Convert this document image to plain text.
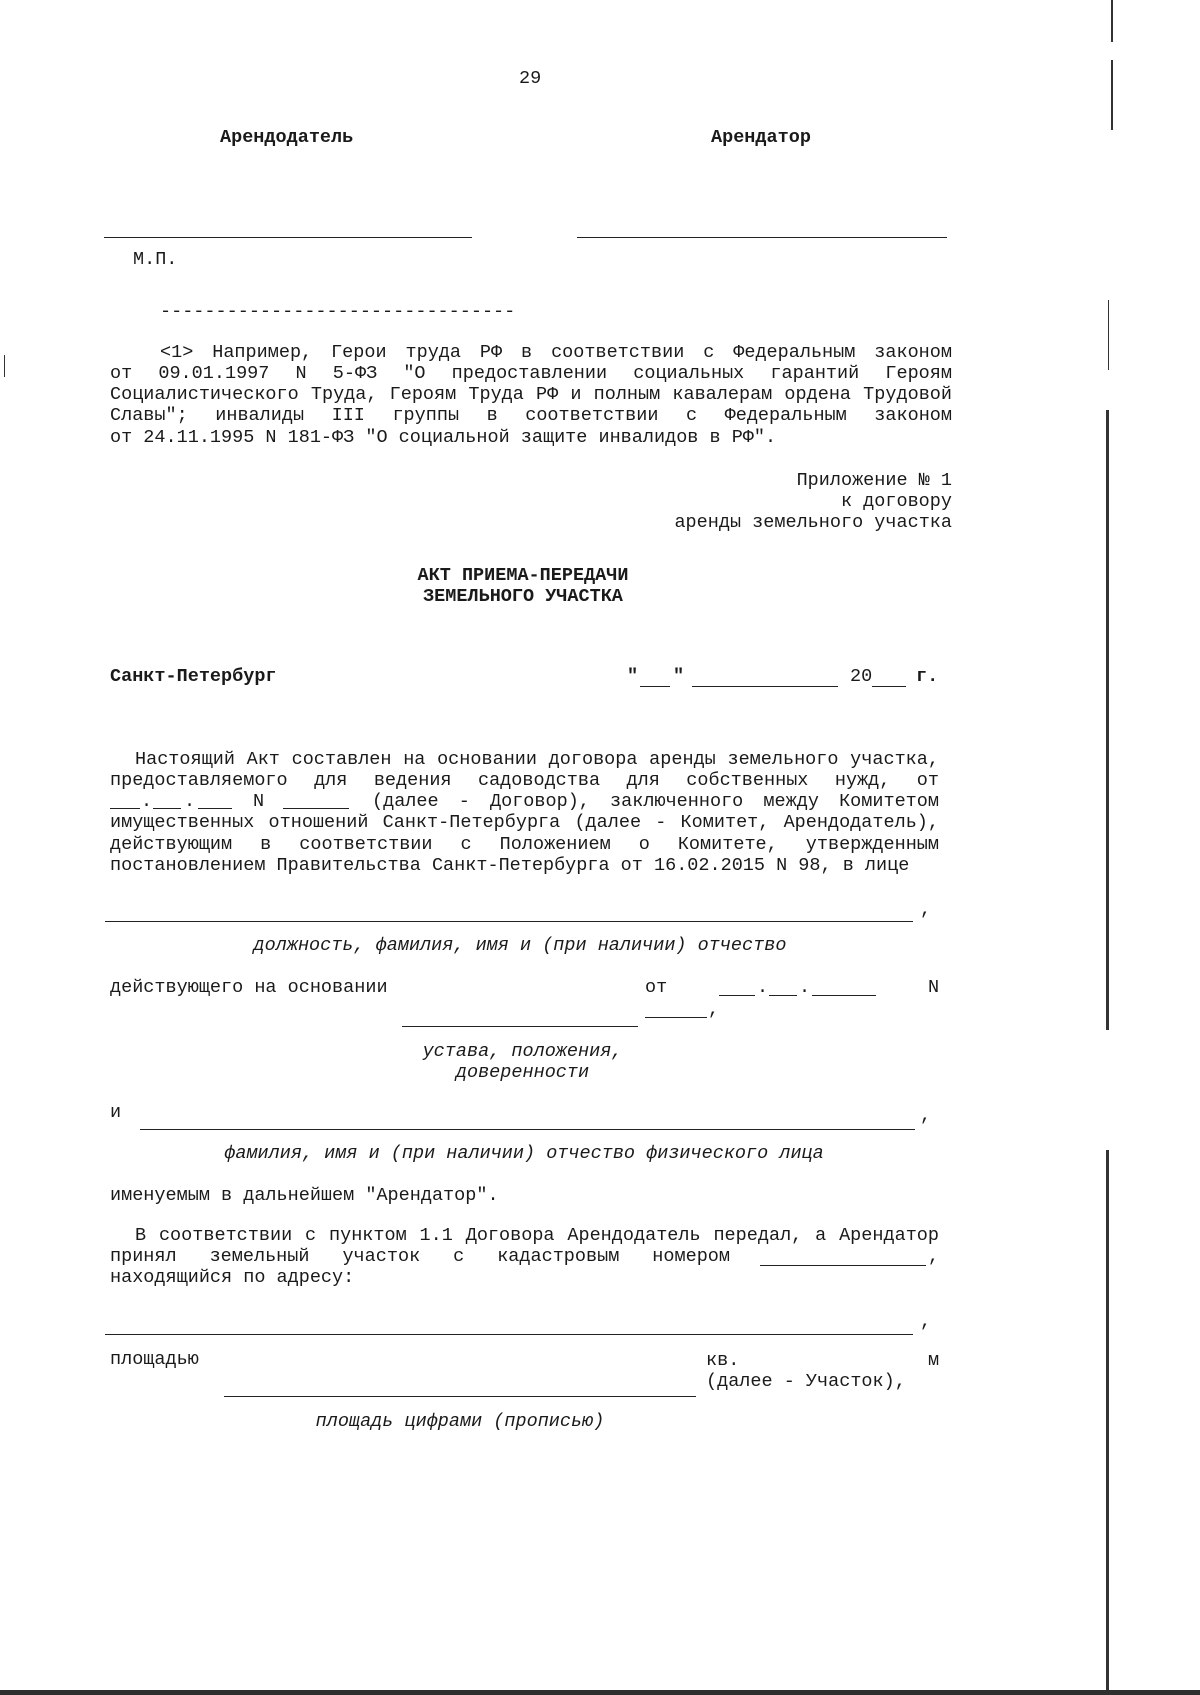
29
Арендодатель	Арендатор
М.П.
--------------------------------
<1> Например, Герои труда РФ в соответствии с Федеральным законом
от 09.01.1997 N 5-ФЗ "О предоставлении социальных гарантий Героям
Социалистического Труда, Героям Труда РФ и полным кавалерам ордена Трудовой
Славы"; инвалиды III группы в соответствии с Федеральным законом
от 24.11.1995 N 181-ФЗ "О социальной защите инвалидов в РФ".
Приложение № 1
к договору
аренды земельного участка
АКТ ПРИЕМА-ПЕРЕДАЧИ
ЗЕМЕЛЬНОГО УЧАСТКА
Санкт-Петербург	" "	20 г.
Настоящий Акт составлен на основании договора аренды земельного участка,
предоставляемого для ведения садоводства для собственных нужд, от
. .	N	(далее - Договор), заключенного между Комитетом
имущественных отношений Санкт-Петербурга (далее - Комитет, Арендодатель),
действующим в соответствии с Положением о Комитете, утвержденным
постановлением Правительства Санкт-Петербурга от 16.02.2015 N 98, в лице
,
должность, фамилия, имя и (при наличии) отчество
действующего на основании	от	. .	N
,
устава, положения,
доверенности
и	,
фамилия, имя и (при наличии) отчество физического лица
именуемым в дальнейшем "Арендатор".
В соответствии с пунктом 1.1 Договора Арендодатель передал, а Арендатор
принял земельный участок с кадастровым номером	,
находящийся по адресу:
,
площадью	кв.	м
(далее - Участок),
площадь цифрами (прописью)
